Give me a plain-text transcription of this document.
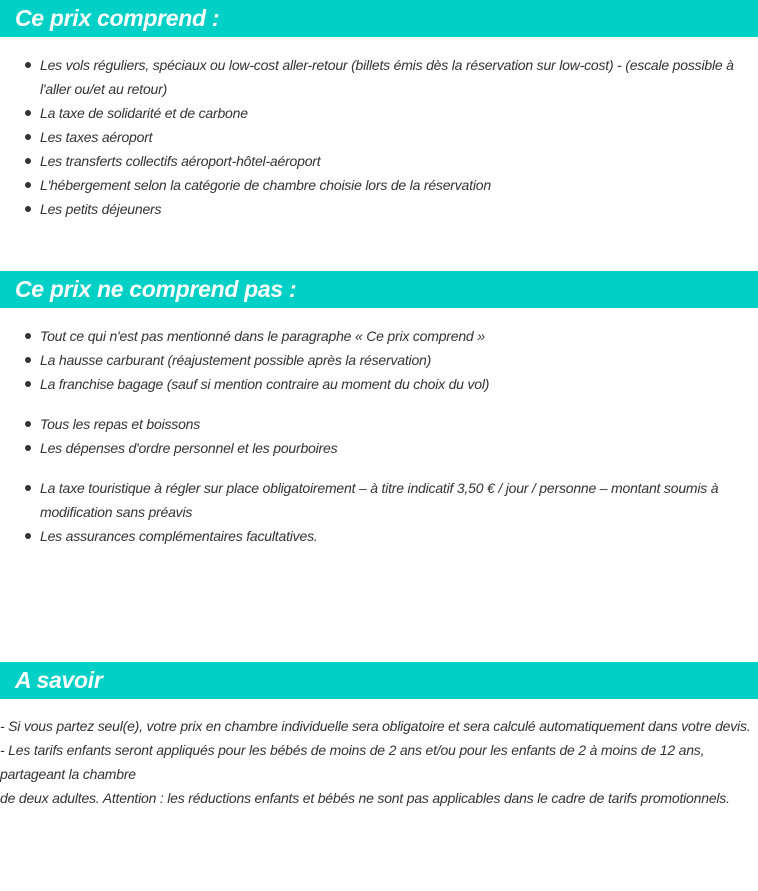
Ce prix comprend :
Les vols réguliers, spéciaux ou low-cost aller-retour (billets émis dès la réservation sur low-cost) - (escale possible à l'aller ou/et au retour)
La taxe de solidarité et de carbone
Les taxes aéroport
Les transferts collectifs aéroport-hôtel-aéroport
L'hébergement selon la catégorie de chambre choisie lors de la réservation
Les petits déjeuners
Ce prix ne comprend pas :
Tout ce qui n'est pas mentionné dans le paragraphe « Ce prix comprend »
La hausse carburant (réajustement possible après la réservation)
La franchise bagage (sauf si mention contraire au moment du choix du vol)
Tous les repas et boissons
Les dépenses d'ordre personnel et les pourboires
La taxe touristique à régler sur place obligatoirement – à titre indicatif 3,50 € / jour / personne – montant soumis à modification sans préavis
Les assurances complémentaires facultatives.
A savoir

- Si vous partez seul(e), votre prix en chambre individuelle sera obligatoire et sera calculé automatiquement dans votre devis.

- Les tarifs enfants seront appliqués pour les bébés de moins de 2 ans et/ou pour les enfants de 2 à moins de 12 ans, partageant la chambre

de deux adultes. Attention : les réductions enfants et bébés ne sont pas applicables dans le cadre de tarifs promotionnels.
